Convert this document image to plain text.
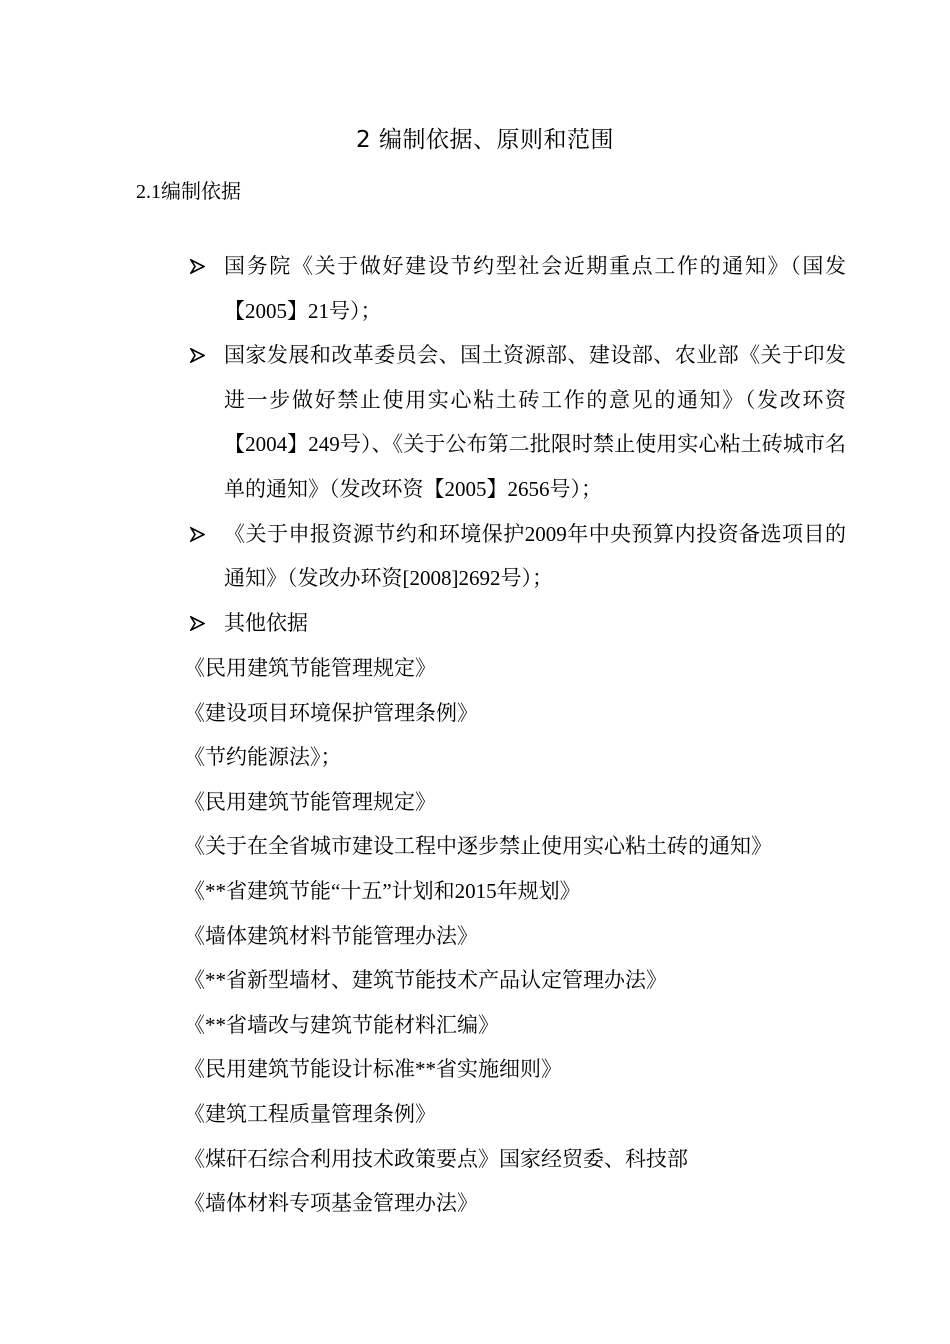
2 编制依据、原则和范围
2.1编制依据
国务院《关于做好建设节约型社会近期重点工作的通知》（国发【2005】21号）；
国家发展和改革委员会、国土资源部、建设部、农业部《关于印发进一步做好禁止使用实心粘土砖工作的意见的通知》（发改环资【2004】249号）、《关于公布第二批限时禁止使用实心粘土砖城市名单的通知》（发改环资【2005】2656号）；
《关于申报资源节约和环境保护2009年中央预算内投资备选项目的通知》（发改办环资[2008]2692号）；
其他依据
《民用建筑节能管理规定》
《建设项目环境保护管理条例》
《节约能源法》；
《民用建筑节能管理规定》
《关于在全省城市建设工程中逐步禁止使用实心粘土砖的通知》
《**省建筑节能“十五”计划和2015年规划》
《墙体建筑材料节能管理办法》
《**省新型墙材、建筑节能技术产品认定管理办法》
《**省墙改与建筑节能材料汇编》
《民用建筑节能设计标准**省实施细则》
《建筑工程质量管理条例》
《煤矸石综合利用技术政策要点》国家经贸委、科技部
《墙体材料专项基金管理办法》
